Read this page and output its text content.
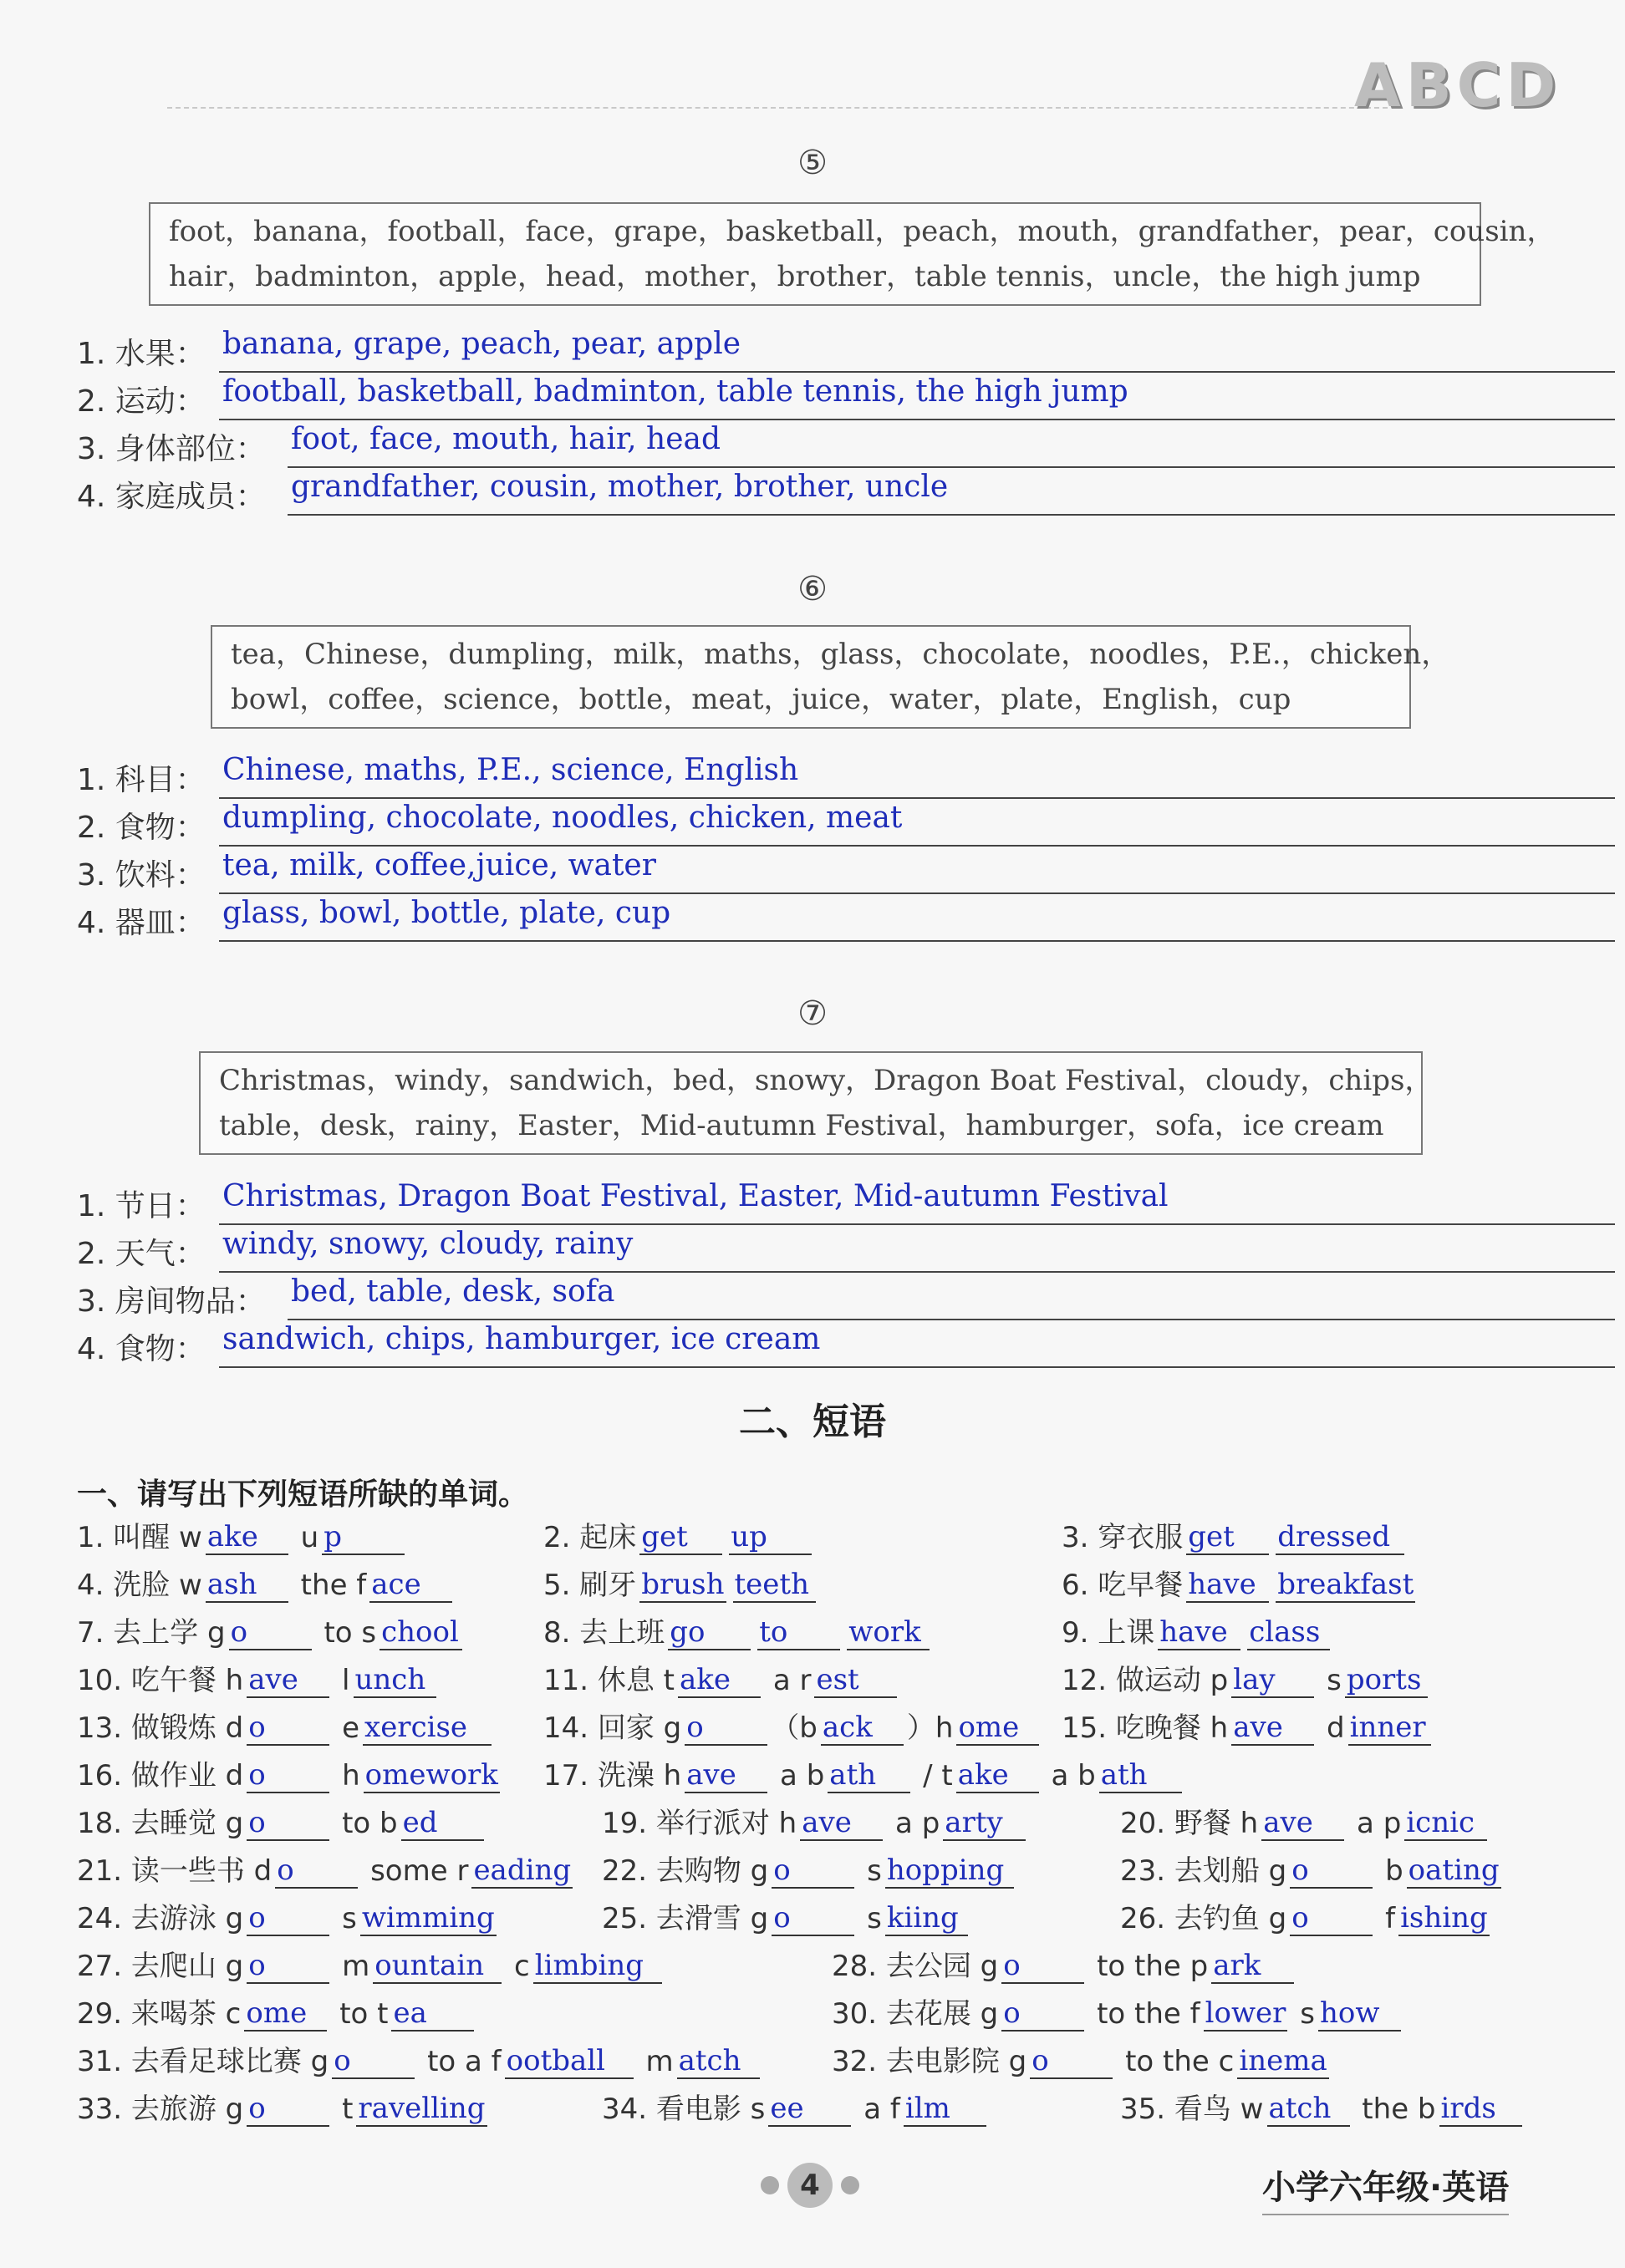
ABCD
⑤
foot，banana，football，face，grape，basketball，peach，mouth，grandfather，pear，cousin，
hair，badminton，apple，head，mother，brother，table tennis，uncle，the high jump
1. 水果： banana, grape, peach, pear, apple
2. 运动： football, basketball, badminton, table tennis, the high jump
3. 身体部位： foot, face, mouth, hair, head
4. 家庭成员： grandfather, cousin, mother, brother, uncle
⑥
tea，Chinese，dumpling，milk，maths，glass，chocolate，noodles，P.E.，chicken，
bowl，coffee，science，bottle，meat，juice，water，plate，English，cup
1. 科目： Chinese, maths, P.E., science, English
2. 食物： dumpling, chocolate, noodles, chicken, meat
3. 饮料： tea, milk, coffee,juice, water
4. 器皿： glass, bowl, bottle, plate, cup
⑦
Christmas，windy，sandwich，bed，snowy，Dragon Boat Festival，cloudy，chips，
table，desk，rainy，Easter，Mid-autumn Festival，hamburger，sofa，ice cream
1. 节日： Christmas, Dragon Boat Festival, Easter, Mid-autumn Festival
2. 天气： windy, snowy, cloudy, rainy
3. 房间物品： bed, table, desk, sofa
4. 食物： sandwich, chips, hamburger, ice cream
二、短语
一、请写出下列短语所缺的单词。
1. 叫醒 w ake u p	2. 起床 get up	3. 穿衣服 get dressed
4. 洗脸 w ash the f ace	5. 刷牙 brush teeth	6. 吃早餐 have breakfast
7. 去上学 g o to s chool	8. 去上班 go to work	9. 上课 have class
10. 吃午餐 h ave l unch	11. 休息 t ake a r est	12. 做运动 p lay s ports
13. 做锻炼 d o e xercise	14. 回家 g o （b ack ）h ome	15. 吃晚餐 h ave d inner
16. 做作业 d o h omework 17. 洗澡 h ave a b ath / t ake a b ath
18. 去睡觉 g o to b ed	19. 举行派对 h ave a p arty	20. 野餐 h ave a p icnic
21. 读一些书 d o some r eading 22. 去购物 g o s hopping	23. 去划船 g o b oating
24. 去游泳 g o s wimming	25. 去滑雪 g o s kiing	26. 去钓鱼 g o f ishing
27. 去爬山 g o m ountain c limbing	28. 去公园 g o to the p ark
29. 来喝茶 c ome to t ea	30. 去花展 g o to the f lower s how
31. 去看足球比赛 g o to a f ootball m atch	32. 去电影院 g o to the c inema
33. 去旅游 g o t ravelling	34. 看电影 s ee a f ilm	35. 看鸟 w atch the b irds
4	小学六年级·英语
